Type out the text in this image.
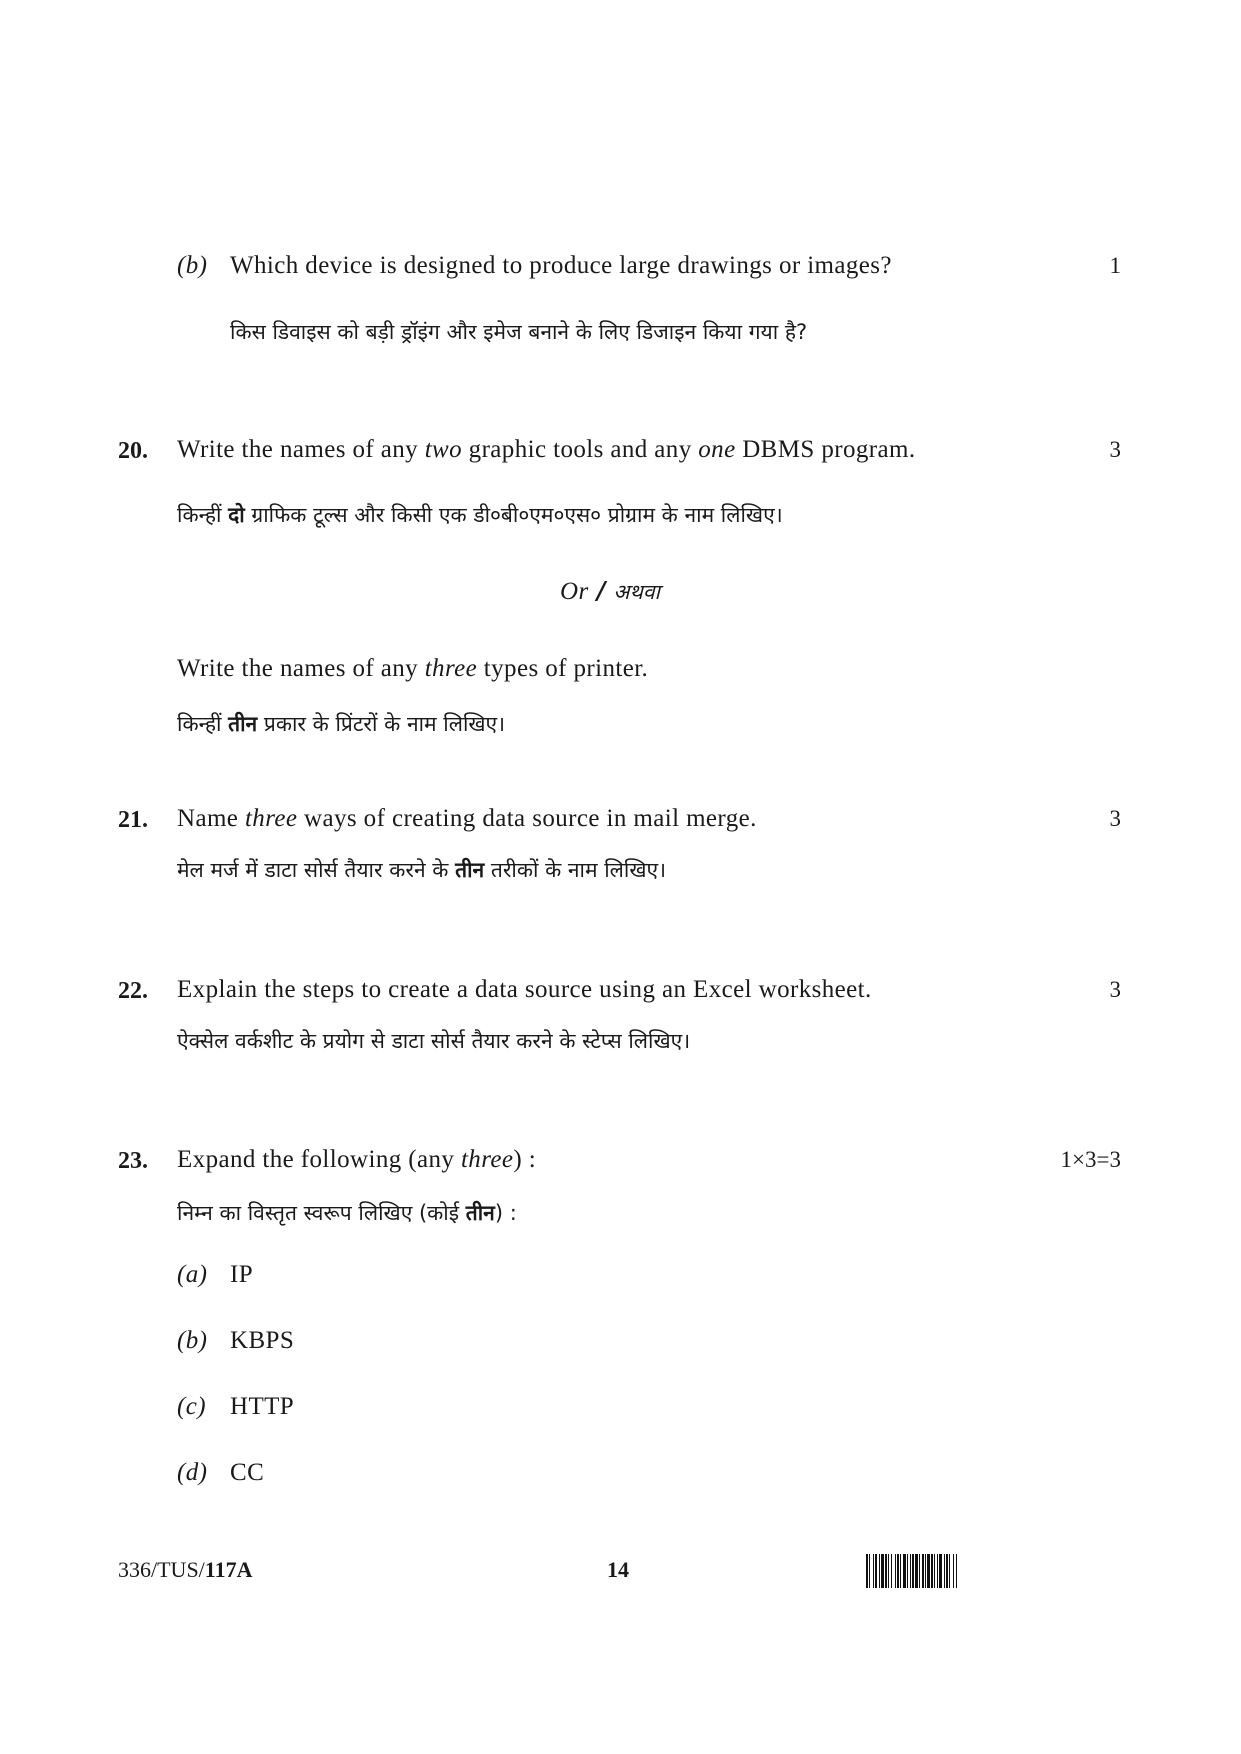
(b) Which device is designed to produce large drawings or images?	1
किस डिवाइस को बड़ी ड्रॉइंग और इमेज बनाने के लिए डिजाइन किया गया है?
20. Write the names of any two graphic tools and any one DBMS program.	3
किन्हीं दो ग्राफिक टूल्स और किसी एक डी०बी०एम०एस० प्रोग्राम के नाम लिखिए।
Or / अथवा
Write the names of any three types of printer.
किन्हीं तीन प्रकार के प्रिंटरों के नाम लिखिए।
21. Name three ways of creating data source in mail merge.	3
मेल मर्ज में डाटा सोर्स तैयार करने के तीन तरीकों के नाम लिखिए।
22. Explain the steps to create a data source using an Excel worksheet.	3
ऐक्सेल वर्कशीट के प्रयोग से डाटा सोर्स तैयार करने के स्टेप्स लिखिए।
23. Expand the following (any three) :	1×3=3
निम्न का विस्तृत स्वरूप लिखिए (कोई तीन) :
(a) IP
(b) KBPS
(c) HTTP
(d) CC
336/TUS/117A	14
